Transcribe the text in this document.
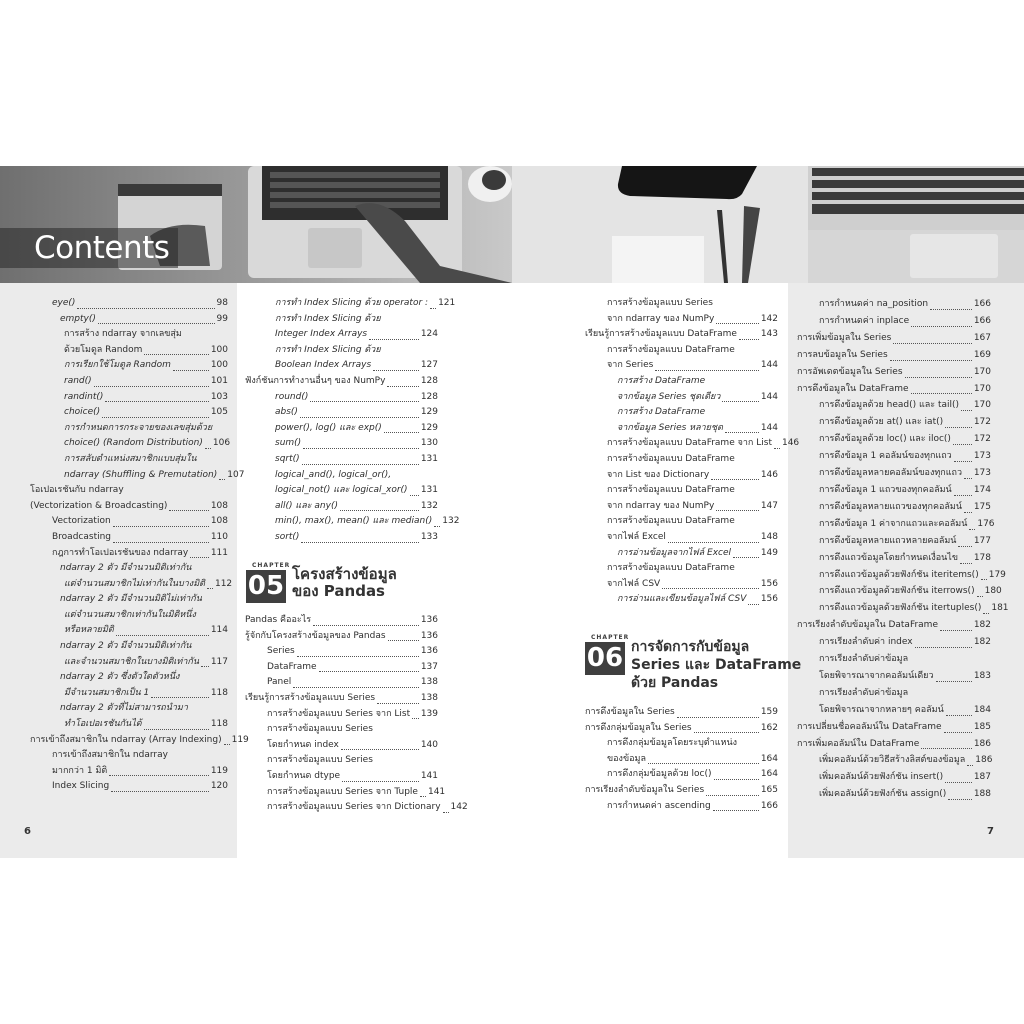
Contents
eye()	98
empty()	99
การสร้าง ndarray จากเลขสุ่ม
ด้วยโมดูล Random	100
การเรียกใช้โมดูล Random	100
rand()	101
randint()	103
choice()	105
การกำหนดการกระจายของเลขสุ่มด้วย
choice() (Random Distribution) 106
การสลับตำแหน่งสมาชิกแบบสุ่มใน
ndarray (Shuffling & Premutation) 107
โอเปอเรชันกับ ndarray
(Vectorization & Broadcasting)	108
Vectorization	108
Broadcasting	110
กฎการทำโอเปอเรชันของ ndarray	111
ndarray 2 ตัว มีจำนวนมิติเท่ากัน
แต่จำนวนสมาชิกไม่เท่ากันในบางมิติ 112
ndarray 2 ตัว มีจำนวนมิติไม่เท่ากัน
แต่จำนวนสมาชิกเท่ากันในมิติหนึ่ง
หรือหลายมิติ	114
ndarray 2 ตัว มีจำนวนมิติเท่ากัน
และจำนวนสมาชิกในบางมิติเท่ากัน 117
ndarray 2 ตัว ซึ่งตัวใดตัวหนึ่ง
มีจำนวนสมาชิกเป็น 1	118
ndarray 2 ตัวที่ไม่สามารถนำมา
ทำโอเปอเรชันกันได้	118
การเข้าถึงสมาชิกใน ndarray (Array Indexing) 119
การเข้าถึงสมาชิกใน ndarray
มากกว่า 1 มิติ	119
Index Slicing	120
การทำ Index Slicing ด้วย operator : 121
การทำ Index Slicing ด้วย
Integer Index Arrays	124
การทำ Index Slicing ด้วย
Boolean Index Arrays	127
ฟังก์ชันการทำงานอื่นๆ ของ NumPy	128
round()	128
abs()	129
power(), log() และ exp()	129
sum()	130
sqrt()	131
logical_and(), logical_or(),
logical_not() และ logical_xor() 131
all() และ any()	132
min(), max(), mean() และ median() 132
sort()	133
CHAPTER
05 โครงสร้างข้อมูล
ของ Pandas
Pandas คืออะไร	136
รู้จักกับโครงสร้างข้อมูลของ Pandas	136
Series	136
DataFrame	137
Panel	138
เรียนรู้การสร้างข้อมูลแบบ Series	138
การสร้างข้อมูลแบบ Series จาก List 139
การสร้างข้อมูลแบบ Series
โดยกำหนด index	140
การสร้างข้อมูลแบบ Series
โดยกำหนด dtype	141
การสร้างข้อมูลแบบ Series จาก Tuple 141
การสร้างข้อมูลแบบ Series จาก Dictionary 142
การสร้างข้อมูลแบบ Series
จาก ndarray ของ NumPy	142
เรียนรู้การสร้างข้อมูลแบบ DataFrame	143
การสร้างข้อมูลแบบ DataFrame
จาก Series	144
การสร้าง DataFrame
จากข้อมูล Series ชุดเดียว	144
การสร้าง DataFrame
จากข้อมูล Series หลายชุด	144
การสร้างข้อมูลแบบ DataFrame จาก List 146
การสร้างข้อมูลแบบ DataFrame
จาก List ของ Dictionary	146
การสร้างข้อมูลแบบ DataFrame
จาก ndarray ของ NumPy	147
การสร้างข้อมูลแบบ DataFrame
จากไฟล์ Excel	148
การอ่านข้อมูลจากไฟล์ Excel	149
การสร้างข้อมูลแบบ DataFrame
จากไฟล์ CSV	156
การอ่านและเขียนข้อมูลไฟล์ CSV 156
CHAPTER
06 การจัดการกับข้อมูล
Series และ DataFrame
ด้วย Pandas
การดึงข้อมูลใน Series	159
การดึงกลุ่มข้อมูลใน Series	162
การดึงกลุ่มข้อมูลโดยระบุตำแหน่ง
ของข้อมูล	164
การดึงกลุ่มข้อมูลด้วย loc()	164
การเรียงลำดับข้อมูลใน Series	165
การกำหนดค่า ascending	166
การกำหนดค่า na_position	166
การกำหนดค่า inplace	166
การเพิ่มข้อมูลใน Series	167
การลบข้อมูลใน Series	169
การอัพเดตข้อมูลใน Series	170
การดึงข้อมูลใน DataFrame	170
การดึงข้อมูลด้วย head() และ tail() 170
การดึงข้อมูลด้วย at() และ iat()	172
การดึงข้อมูลด้วย loc() และ iloc()	172
การดึงข้อมูล 1 คอลัมน์ของทุกแถว 173
การดึงข้อมูลหลายคอลัมน์ของทุกแถว 173
การดึงข้อมูล 1 แถวของทุกคอลัมน์ 174
การดึงข้อมูลหลายแถวของทุกคอลัมน์ 175
การดึงข้อมูล 1 ค่าจากแถวและคอลัมน์ 176
การดึงข้อมูลหลายแถวหลายคอลัมน์ 177
การดึงแถวข้อมูลโดยกำหนดเงื่อนไข 178
การดึงแถวข้อมูลด้วยฟังก์ชัน iteritems() 179
การดึงแถวข้อมูลด้วยฟังก์ชัน iterrows() 180
การดึงแถวข้อมูลด้วยฟังก์ชัน itertuples() 181
การเรียงลำดับข้อมูลใน DataFrame	182
การเรียงลำดับค่า index	182
การเรียงลำดับค่าข้อมูล
โดยพิจารณาจากคอลัมน์เดียว	183
การเรียงลำดับค่าข้อมูล
โดยพิจารณาจากหลายๆ คอลัมน์	184
การเปลี่ยนชื่อคอลัมน์ใน DataFrame	185
การเพิ่มคอลัมน์ใน DataFrame	186
เพิ่มคอลัมน์ด้วยวิธีสร้างลิสต์ของข้อมูล 186
เพิ่มคอลัมน์ด้วยฟังก์ชัน insert()	187
เพิ่มคอลัมน์ด้วยฟังก์ชัน assign()	188
6	7
